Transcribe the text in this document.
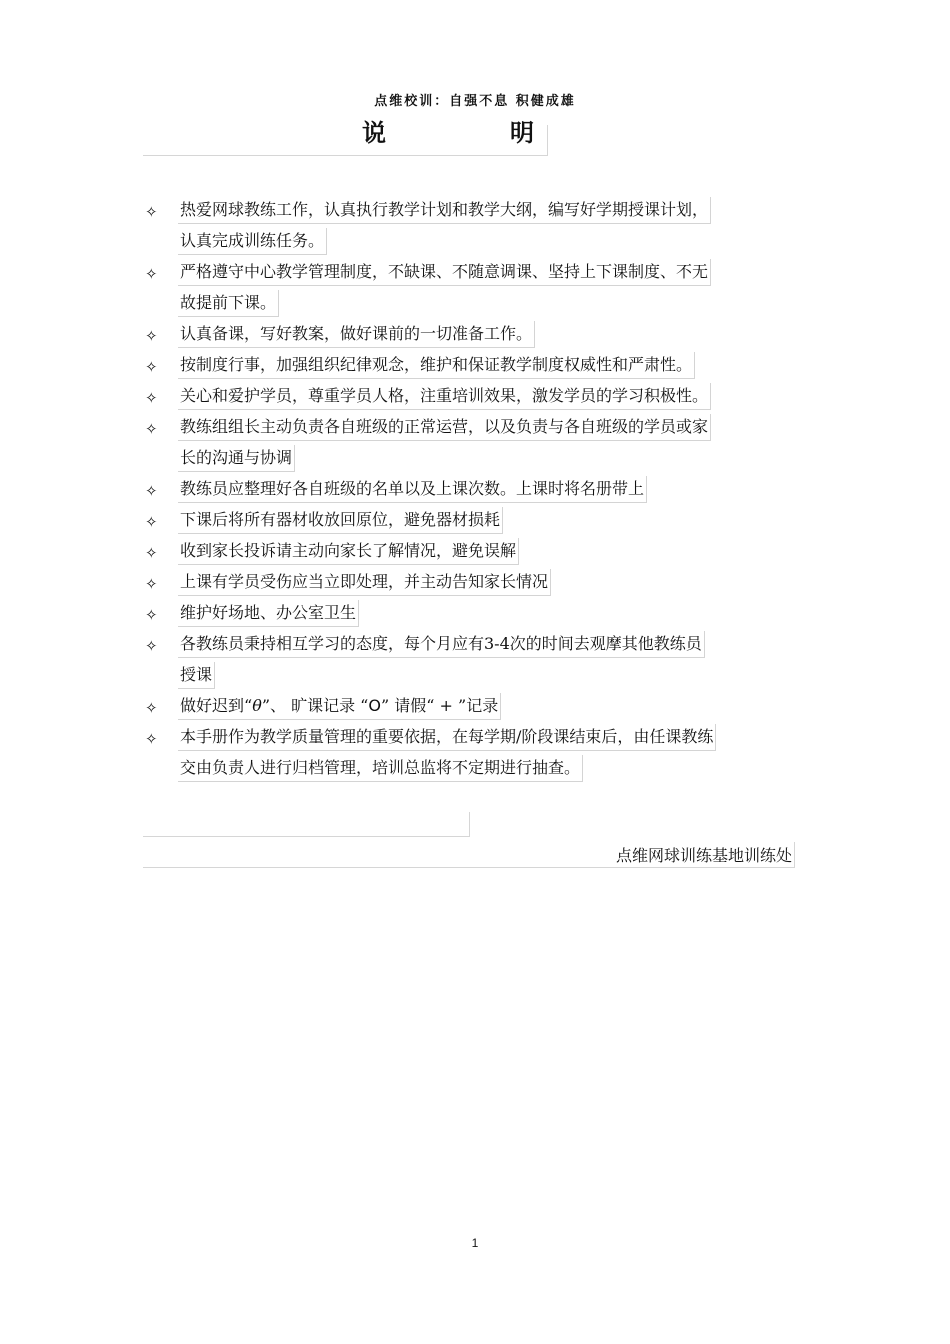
点维校训：自强不息 积健成雄
说	明
✧ 热爱网球教练工作，认真执行教学计划和教学大纲，编写好学期授课计划，
认真完成训练任务。
✧ 严格遵守中心教学管理制度，不缺课、不随意调课、坚持上下课制度、不无
故提前下课。
✧ 认真备课，写好教案，做好课前的一切准备工作。
✧ 按制度行事，加强组织纪律观念，维护和保证教学制度权威性和严肃性。
✧ 关心和爱护学员，尊重学员人格，注重培训效果，激发学员的学习积极性。
✧ 教练组组长主动负责各自班级的正常运营，以及负责与各自班级的学员或家
长的沟通与协调
✧ 教练员应整理好各自班级的名单以及上课次数。上课时将名册带上
✧ 下课后将所有器材收放回原位，避免器材损耗
✧ 收到家长投诉请主动向家长了解情况，避免误解
✧ 上课有学员受伤应当立即处理，并主动告知家长情况
✧ 维护好场地、办公室卫生
✧ 各教练员秉持相互学习的态度，每个月应有3-4次的时间去观摩其他教练员
授课
✧ 做好迟到“θ”、 旷课记录 “O” 请假“ + ”记录
✧ 本手册作为教学质量管理的重要依据，在每学期/阶段课结束后，由任课教练
交由负责人进行归档管理，培训总监将不定期进行抽查。
点维网球训练基地训练处
1
